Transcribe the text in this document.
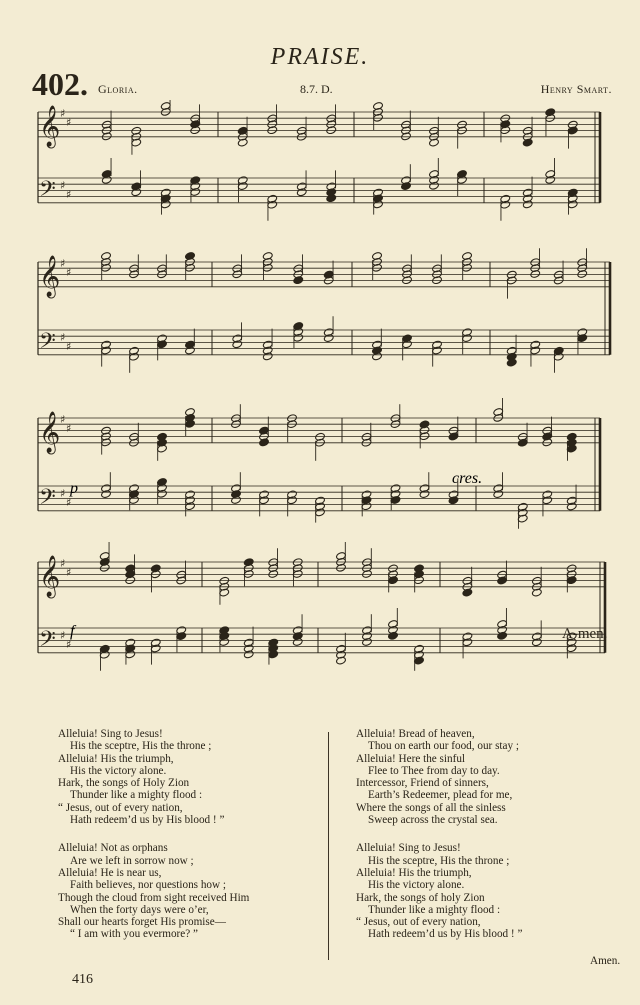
PRAISE.
402. Gloria.	8.7. D.	Henry Smart.
𝄞 ♯
♯
𝄢 ♯
♯
𝄞 ♯
♯
𝄢 ♯
♯
𝄞 ♯
♯
𝄢 ♯
♯
𝄞 ♯
♯
𝄢 ♯
♯
p
cres.
f	A-men.
Alleluia! Sing to Jesus!
His the sceptre, His the throne ;
Alleluia! His the triumph,
His the victory alone.
Hark, the songs of Holy Zion
Thunder like a mighty flood :
“ Jesus, out of every nation,
Hath redeem’d us by His blood ! ”
Alleluia! Not as orphans
Are we left in sorrow now ;
Alleluia! He is near us,
Faith believes, nor questions how ;
Though the cloud from sight received Him
When the forty days were o’er,
Shall our hearts forget His promise—
“ I am with you evermore? ”
Alleluia! Bread of heaven,
Thou on earth our food, our stay ;
Alleluia! Here the sinful
Flee to Thee from day to day.
Intercessor, Friend of sinners,
Earth’s Redeemer, plead for me,
Where the songs of all the sinless
Sweep across the crystal sea.
Alleluia! Sing to Jesus!
His the sceptre, His the throne ;
Alleluia! His the triumph,
His the victory alone.
Hark, the songs of holy Zion
Thunder like a mighty flood :
“ Jesus, out of every nation,
Hath redeem’d us by His blood ! ”
Amen.
416
